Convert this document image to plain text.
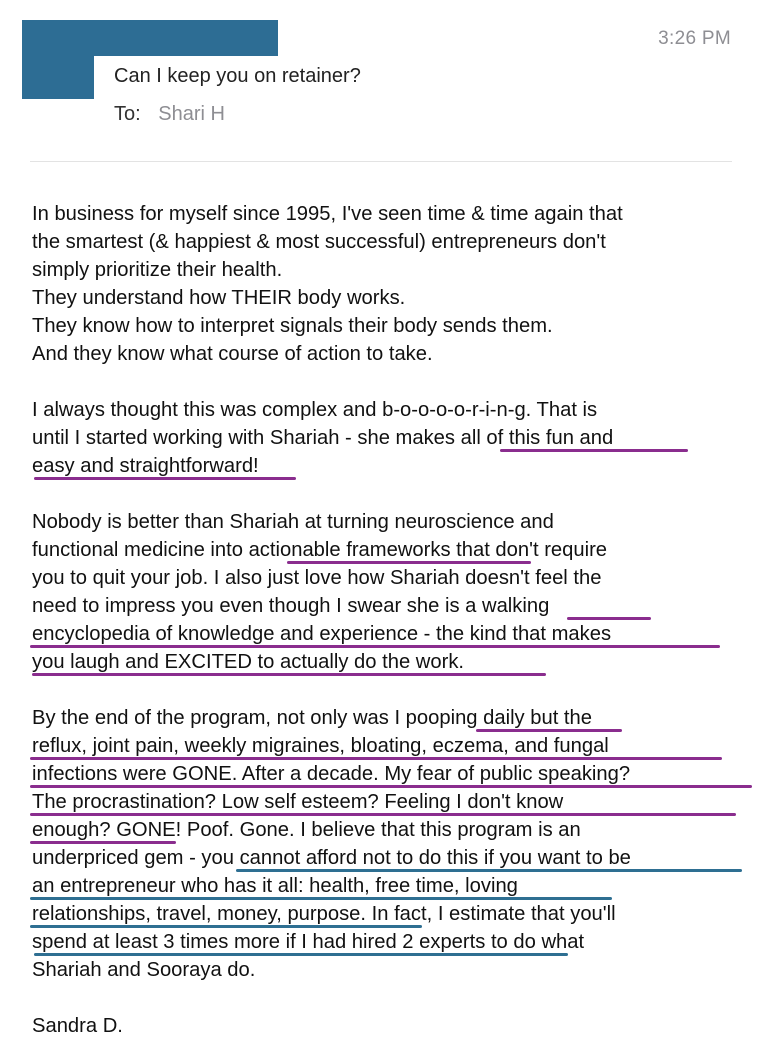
3:26 PM
Can I keep you on retainer?
To: Shari H
In business for myself since 1995, I've seen time & time again that
the smartest (& happiest & most successful) entrepreneurs don't
simply prioritize their health.
They understand how THEIR body works.
They know how to interpret signals their body sends them.
And they know what course of action to take.
I always thought this was complex and b-o-o-o-o-r-i-n-g. That is
until I started working with Shariah - she makes all of this fun and
easy and straightforward!
Nobody is better than Shariah at turning neuroscience and
functional medicine into actionable frameworks that don't require
you to quit your job. I also just love how Shariah doesn't feel the
need to impress you even though I swear she is a walking
encyclopedia of knowledge and experience - the kind that makes
you laugh and EXCITED to actually do the work.
By the end of the program, not only was I pooping daily but the
reflux, joint pain, weekly migraines, bloating, eczema, and fungal
infections were GONE. After a decade. My fear of public speaking?
The procrastination? Low self esteem? Feeling I don't know
enough? GONE! Poof. Gone. I believe that this program is an
underpriced gem - you cannot afford not to do this if you want to be
an entrepreneur who has it all: health, free time, loving
relationships, travel, money, purpose. In fact, I estimate that you'll
spend at least 3 times more if I had hired 2 experts to do what
Shariah and Sooraya do.
Sandra D.
